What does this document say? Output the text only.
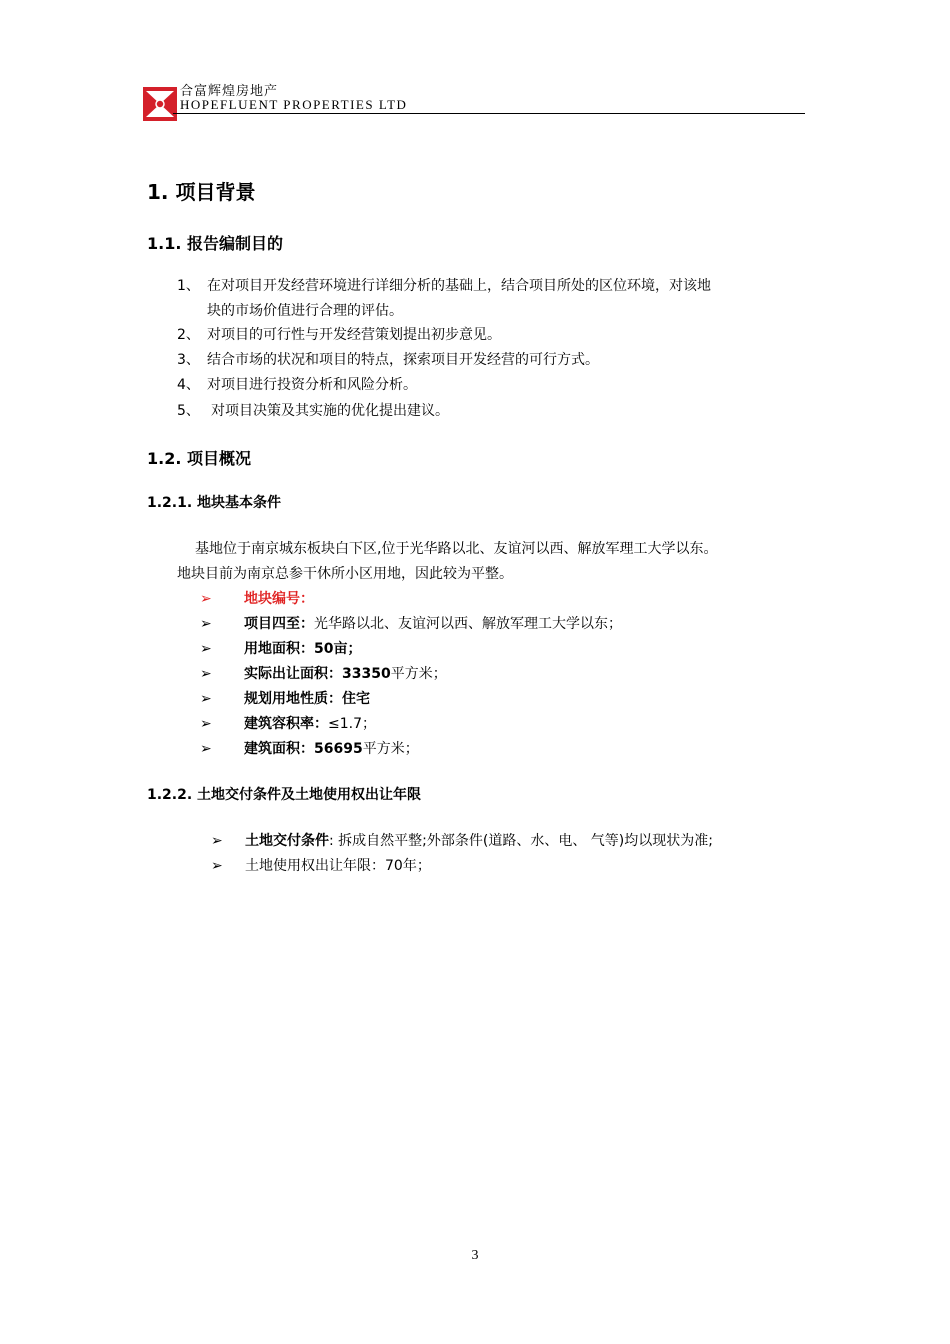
合富辉煌房地产
HOPEFLUENT PROPERTIES LTD
1. 项目背景
1.1. 报告编制目的
1、 在对项目开发经营环境进行详细分析的基础上，结合项目所处的区位环境，对该地
块的市场价值进行合理的评估。
2、 对项目的可行性与开发经营策划提出初步意见。
3、 结合市场的状况和项目的特点，探索项目开发经营的可行方式。
4、 对项目进行投资分析和风险分析。
5、 对项目决策及其实施的优化提出建议。
1.2. 项目概况
1.2.1. 地块基本条件
基地位于南京城东板块白下区,位于光华路以北、友谊河以西、解放军理工大学以东。
地块目前为南京总参干休所小区用地，因此较为平整。
➢ 地块编号：
➢ 项目四至：光华路以北、友谊河以西、解放军理工大学以东；
➢ 用地面积：50亩；
➢ 实际出让面积：33350平方米；
➢ 规划用地性质：住宅
➢ 建筑容积率：≤1.7；
➢ 建筑面积：56695平方米；
1.2.2. 土地交付条件及土地使用权出让年限
➢ 土地交付条件: 拆成自然平整;外部条件(道路、水、电、 气等)均以现状为准;
➢ 土地使用权出让年限：70年；
3
